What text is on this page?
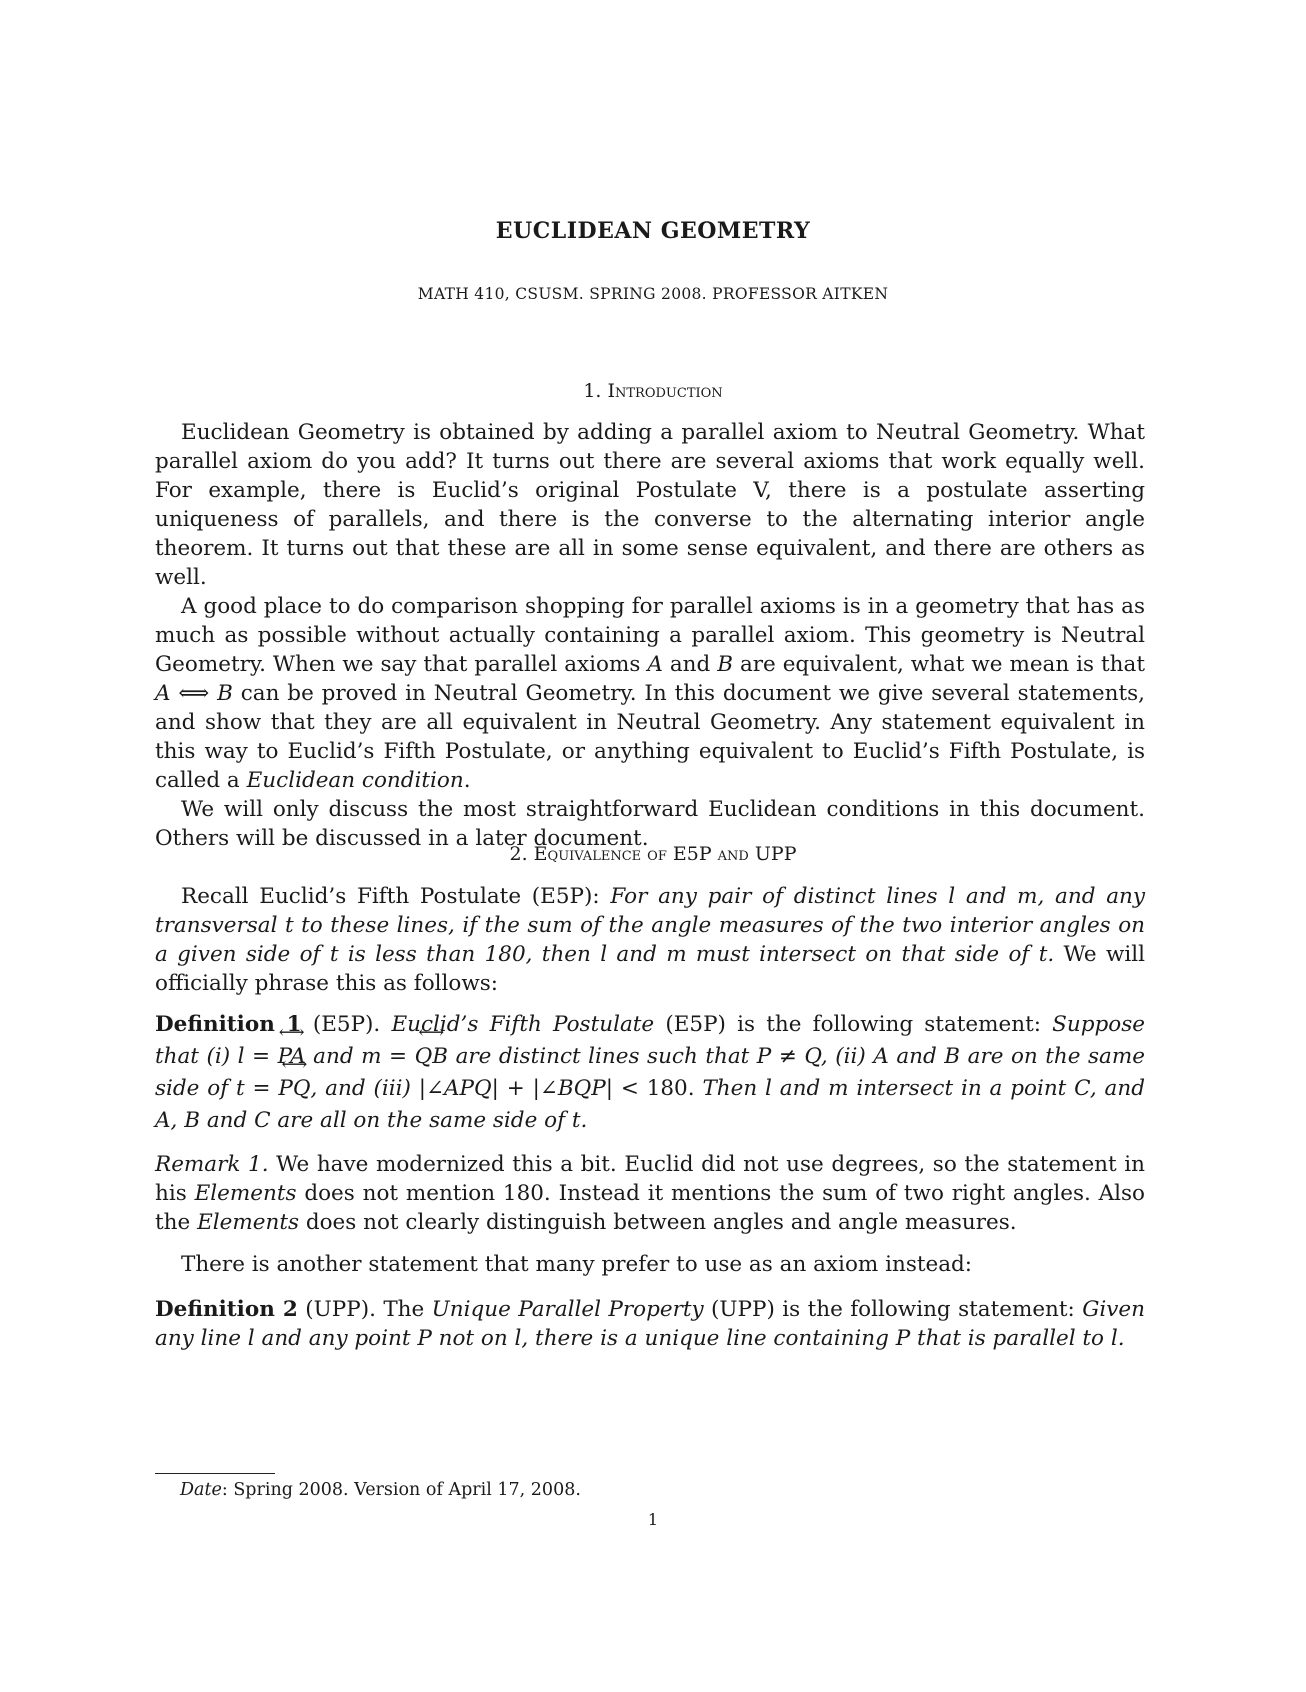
EUCLIDEAN GEOMETRY
MATH 410, CSUSM. SPRING 2008. PROFESSOR AITKEN
1. Introduction

Euclidean Geometry is obtained by adding a parallel axiom to Neutral Geometry. What parallel axiom do you add? It turns out there are several axioms that work equally well. For example, there is Euclid’s original Postulate V, there is a postulate asserting uniqueness of parallels, and there is the converse to the alternating interior angle theorem. It turns out that these are all in some sense equivalent, and there are others as well.

A good place to do comparison shopping for parallel axioms is in a geometry that has as much as possible without actually containing a parallel axiom. This geometry is Neutral Geometry. When we say that parallel axioms A and B are equivalent, what we mean is that A ⟺ B can be proved in Neutral Geometry. In this document we give several statements, and show that they are all equivalent in Neutral Geometry. Any statement equivalent in this way to Euclid’s Fifth Postulate, or anything equivalent to Euclid’s Fifth Postulate, is called a Euclidean condition.

We will only discuss the most straightforward Euclidean conditions in this document. Others will be discussed in a later document.

2. Equivalence of E5P and UPP

Recall Euclid’s Fifth Postulate (E5P): For any pair of distinct lines l and m, and any transversal t to these lines, if the sum of the angle measures of the two interior angles on a given side of t is less than 180, then l and m must intersect on that side of t. We will officially phrase this as follows:

Definition 1 (E5P). Euclid’s Fifth Postulate (E5P) is the following statement: Suppose that (i) l = ⟷ PA and m = ⟷ QB are distinct lines such that P ≠ Q, (ii) A and B are on the same side of t = ⟷ PQ, and (iii) |∠APQ| + |∠BQP| < 180. Then l and m intersect in a point C, and A, B and C are all on the same side of t.

Remark 1. We have modernized this a bit. Euclid did not use degrees, so the statement in his Elements does not mention 180. Instead it mentions the sum of two right angles. Also the Elements does not clearly distinguish between angles and angle measures.

There is another statement that many prefer to use as an axiom instead:

Definition 2 (UPP). The Unique Parallel Property (UPP) is the following statement: Given any line l and any point P not on l, there is a unique line containing P that is parallel to l.

Date: Spring 2008. Version of April 17, 2008.
1
